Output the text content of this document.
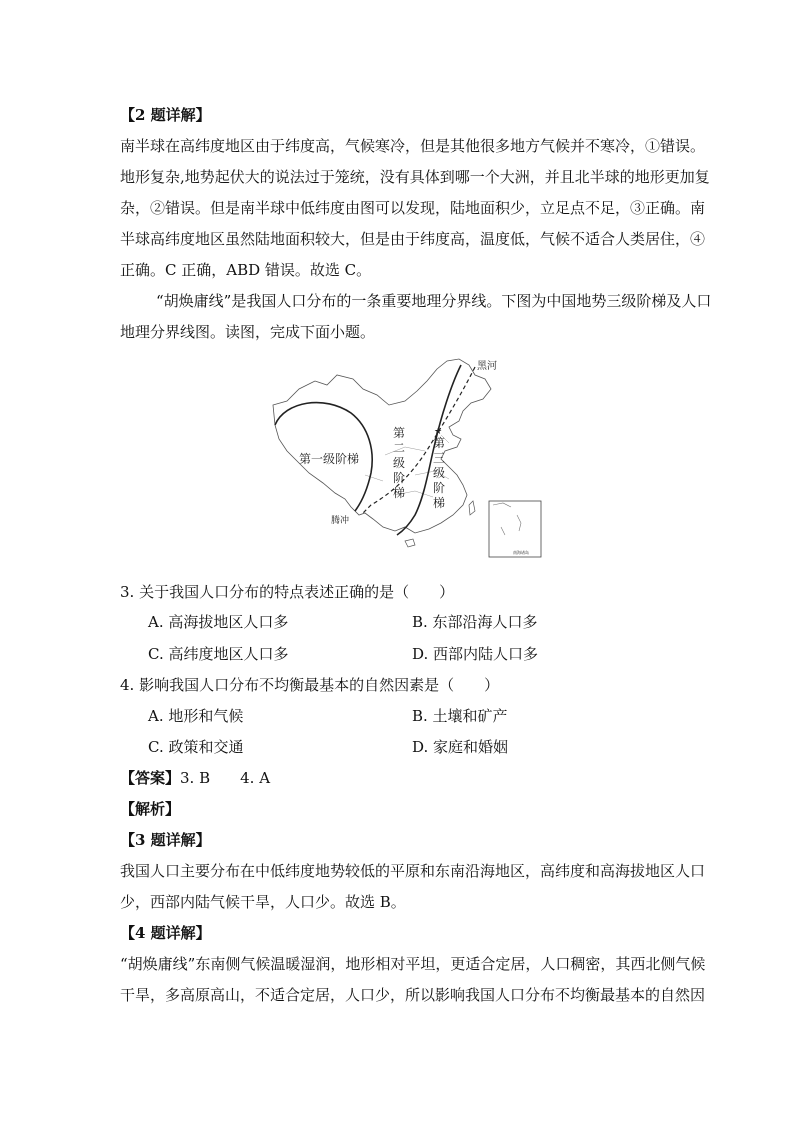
【2 题详解】
南半球在高纬度地区由于纬度高，气候寒冷，但是其他很多地方气候并不寒冷，①错误。
地形复杂,地势起伏大的说法过于笼统，没有具体到哪一个大洲，并且北半球的地形更加复
杂，②错误。但是南半球中低纬度由图可以发现，陆地面积少，立足点不足，③正确。南
半球高纬度地区虽然陆地面积较大，但是由于纬度高，温度低，气候不适合人类居住，④
正确。C 正确，ABD 错误。故选 C。
“胡焕庸线”是我国人口分布的一条重要地理分界线。下图为中国地势三级阶梯及人口
地理分界线图。读图，完成下面小题。
★
黑河
腾冲
第一级阶梯
第
二
级
阶
梯
第
三
级
阶
梯
南海诸岛
3. 关于我国人口分布的特点表述正确的是（　　）
A. 高海拔地区人口多	B. 东部沿海人口多
C. 高纬度地区人口多	D. 西部内陆人口多
4. 影响我国人口分布不均衡最基本的自然因素是（　　）
A. 地形和气候	B. 土壤和矿产
C. 政策和交通	D. 家庭和婚姻
【答案】3. B　　4. A
【解析】
【3 题详解】
我国人口主要分布在中低纬度地势较低的平原和东南沿海地区，高纬度和高海拔地区人口
少，西部内陆气候干旱，人口少。故选 B。
【4 题详解】
“胡焕庸线”东南侧气候温暖湿润，地形相对平坦，更适合定居，人口稠密，其西北侧气候
干旱，多高原高山，不适合定居，人口少，所以影响我国人口分布不均衡最基本的自然因
